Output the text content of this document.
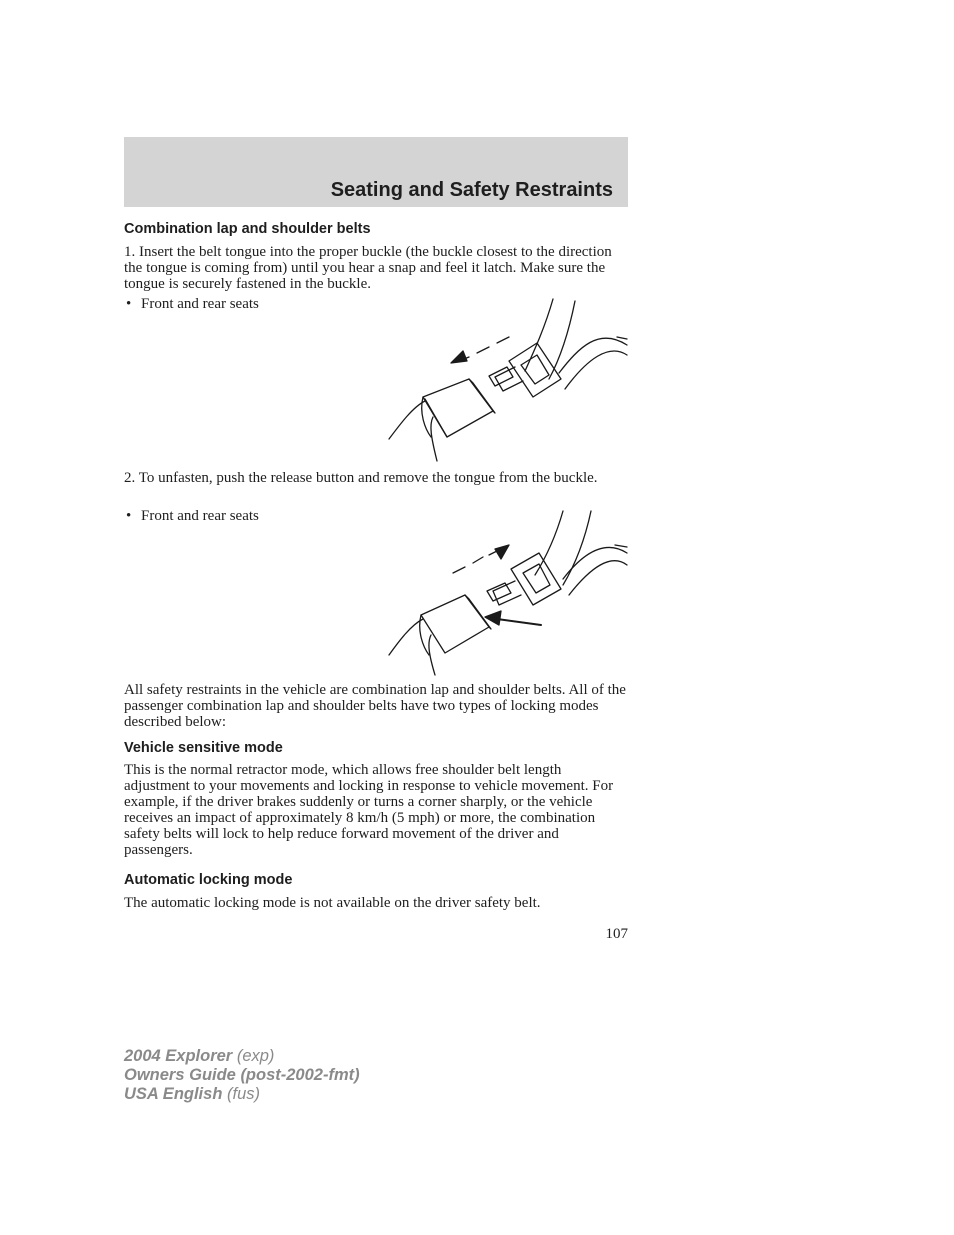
Seating and Safety Restraints
Combination lap and shoulder belts

1. Insert the belt tongue into the proper buckle (the buckle closest to the direction the tongue is coming from) until you hear a snap and feel it latch. Make sure the tongue is securely fastened in the buckle.

• Front and rear seats

2. To unfasten, push the release button and remove the tongue from the buckle.

• Front and rear seats

All safety restraints in the vehicle are combination lap and shoulder belts. All of the passenger combination lap and shoulder belts have two types of locking modes described below:

Vehicle sensitive mode

This is the normal retractor mode, which allows free shoulder belt length adjustment to your movements and locking in response to vehicle movement. For example, if the driver brakes suddenly or turns a corner sharply, or the vehicle receives an impact of approximately 8 km/h (5 mph) or more, the combination safety belts will lock to help reduce forward movement of the driver and passengers.

Automatic locking mode

The automatic locking mode is not available on the driver safety belt.

107

2004 Explorer (exp)
Owners Guide (post-2002-fmt)
USA English (fus)
